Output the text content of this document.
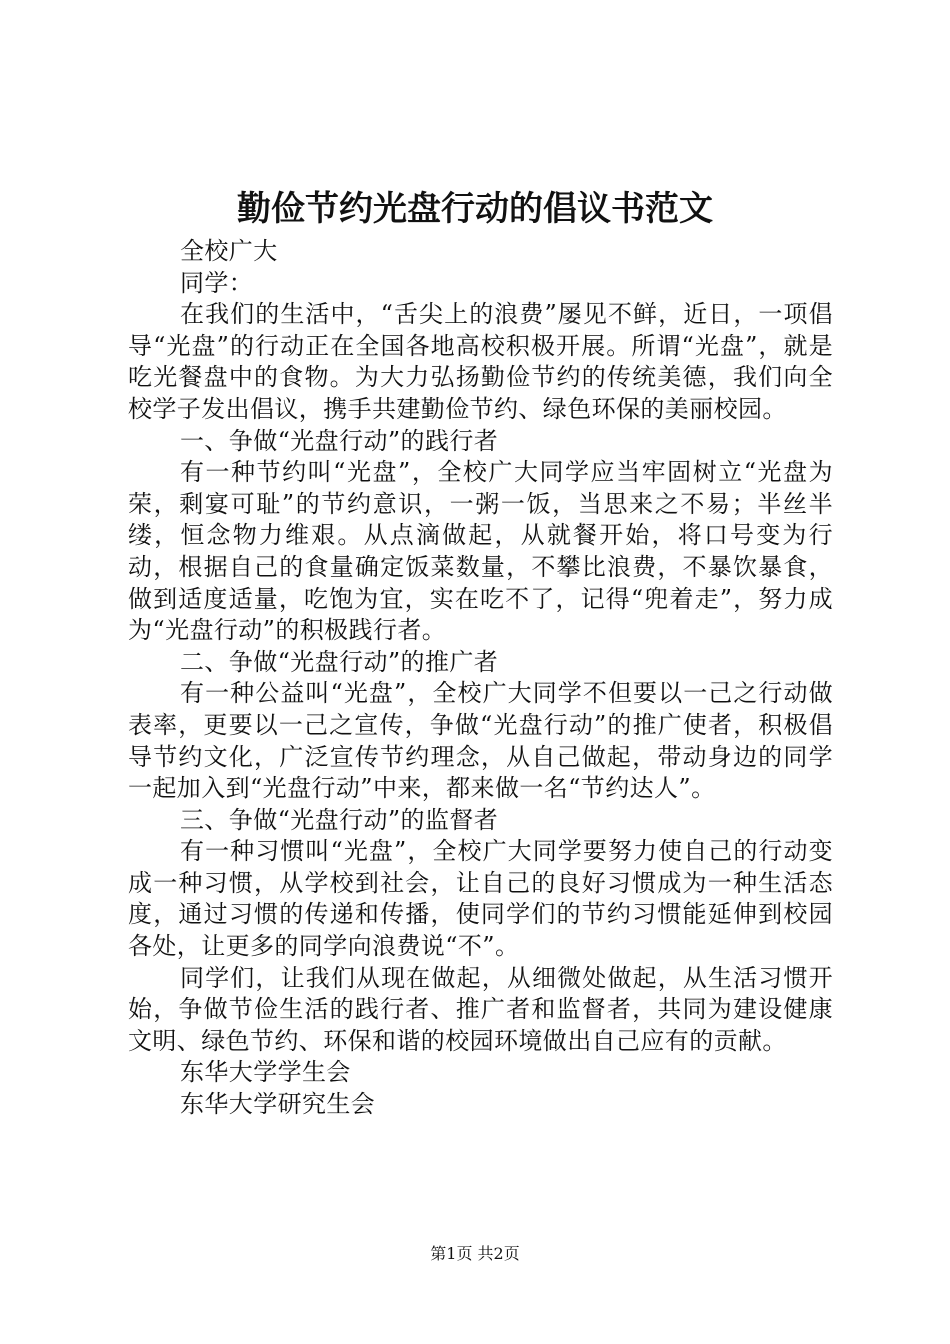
勤俭节约光盘行动的倡议书范文

全校广大

同学：

在我们的生活中，“舌尖上的浪费”屡见不鲜，近日，一项倡导“光盘”的行动正在全国各地高校积极开展。所谓“光盘”，就是吃光餐盘中的食物。为大力弘扬勤俭节约的传统美德，我们向全校学子发出倡议，携手共建勤俭节约、绿色环保的美丽校园。

一、争做“光盘行动”的践行者

有一种节约叫“光盘”，全校广大同学应当牢固树立“光盘为荣，剩宴可耻”的节约意识，一粥一饭，当思来之不易；半丝半缕，恒念物力维艰。从点滴做起，从就餐开始，将口号变为行动，根据自己的食量确定饭菜数量，不攀比浪费，不暴饮暴食，做到适度适量，吃饱为宜，实在吃不了，记得“兜着走”，努力成为“光盘行动”的积极践行者。

二、争做“光盘行动”的推广者

有一种公益叫“光盘”，全校广大同学不但要以一己之行动做表率，更要以一己之宣传，争做“光盘行动”的推广使者，积极倡导节约文化，广泛宣传节约理念，从自己做起，带动身边的同学一起加入到“光盘行动”中来，都来做一名“节约达人”。

三、争做“光盘行动”的监督者

有一种习惯叫“光盘”，全校广大同学要努力使自己的行动变成一种习惯，从学校到社会，让自己的良好习惯成为一种生活态度，通过习惯的传递和传播，使同学们的节约习惯能延伸到校园各处，让更多的同学向浪费说“不”。

同学们，让我们从现在做起，从细微处做起，从生活习惯开始，争做节俭生活的践行者、推广者和监督者，共同为建设健康文明、绿色节约、环保和谐的校园环境做出自己应有的贡献。

东华大学学生会

东华大学研究生会

第1页 共2页
